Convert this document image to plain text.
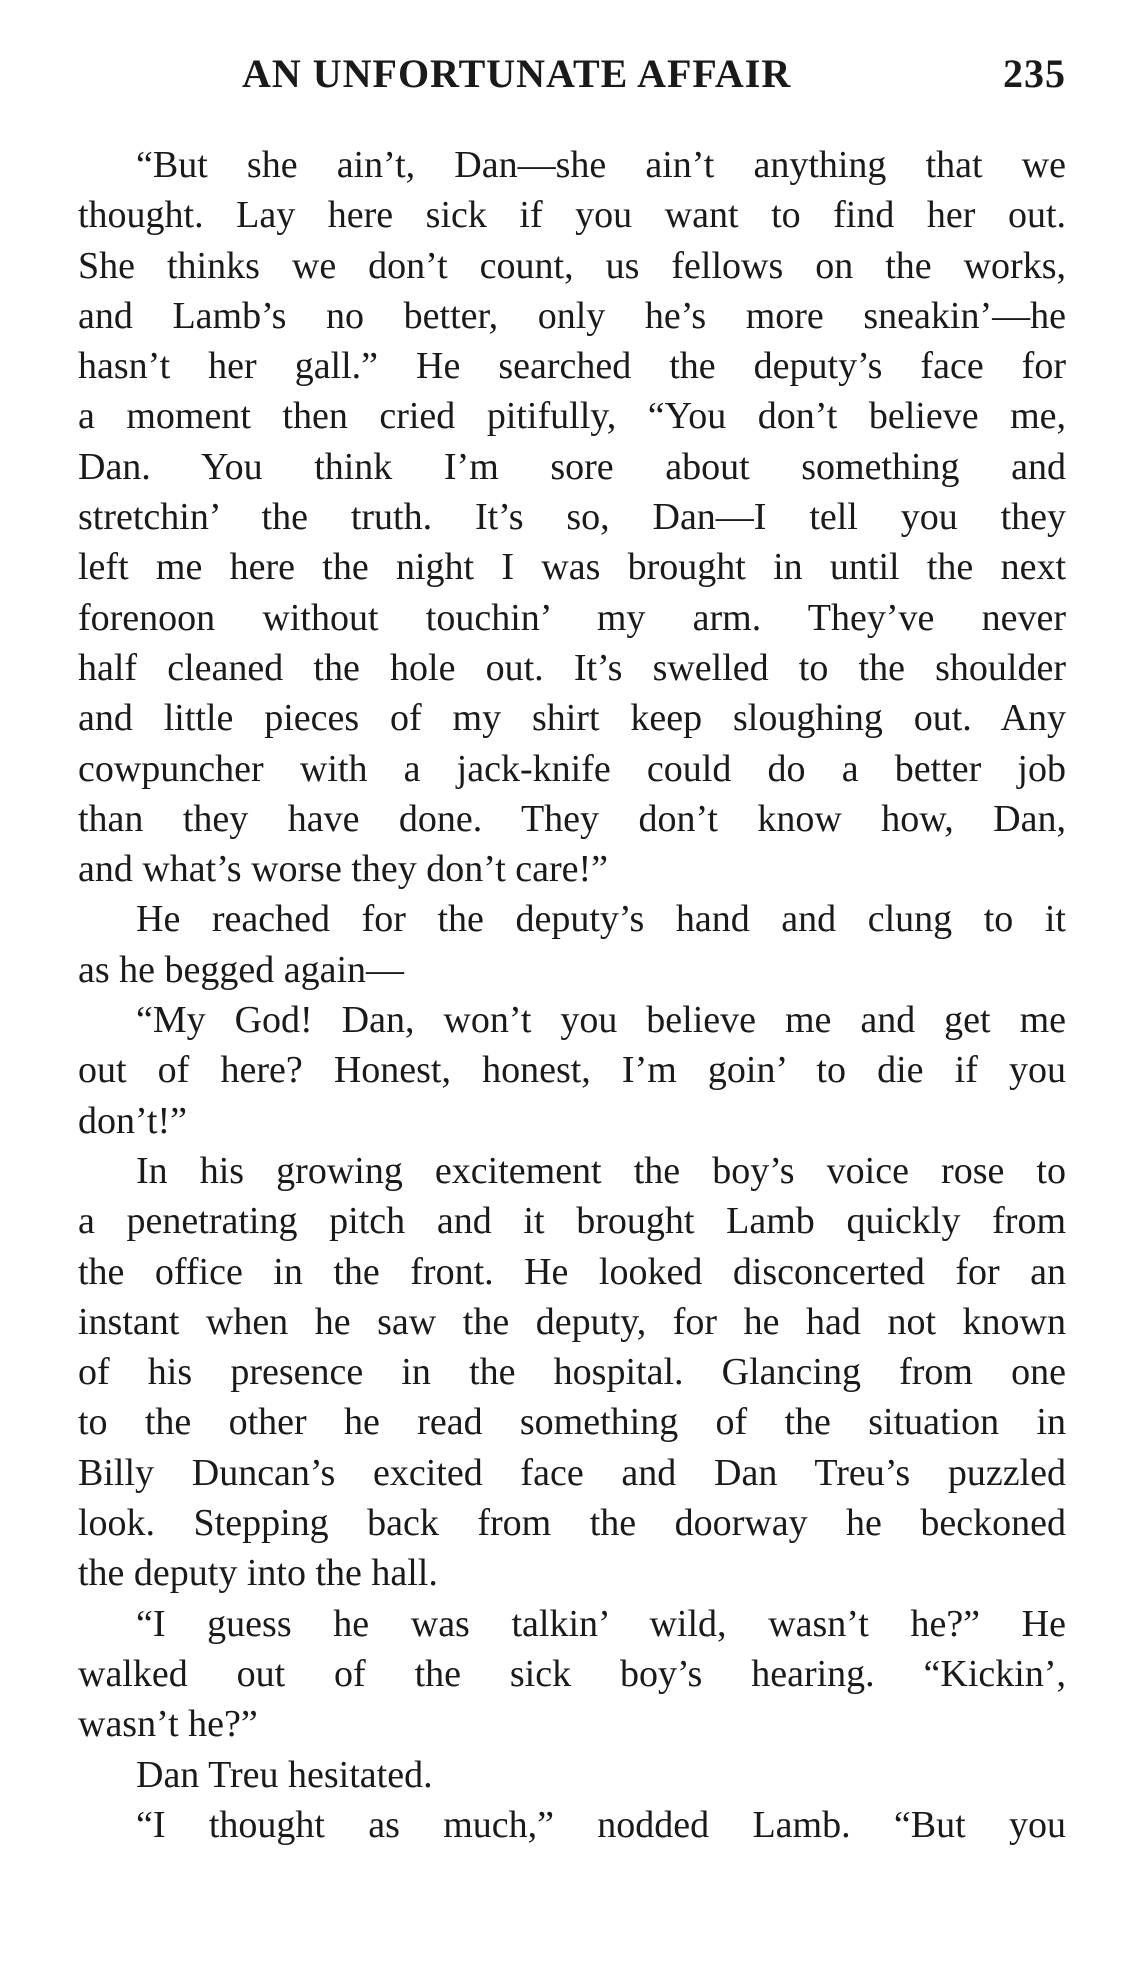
AN UNFORTUNATE AFFAIR	235
“But she ain’t, Dan—she ain’t anything that we
thought. Lay here sick if you want to find her out.
She thinks we don’t count, us fellows on the works,
and Lamb’s no better, only he’s more sneakin’—he
hasn’t her gall.” He searched the deputy’s face for
a moment then cried pitifully, “You don’t believe me,
Dan. You think I’m sore about something and
stretchin’ the truth. It’s so, Dan—I tell you they
left me here the night I was brought in until the next
forenoon without touchin’ my arm. They’ve never
half cleaned the hole out. It’s swelled to the shoulder
and little pieces of my shirt keep sloughing out. Any
cowpuncher with a jack-knife could do a better job
than they have done. They don’t know how, Dan,
and what’s worse they don’t care!”
He reached for the deputy’s hand and clung to it
as he begged again—
“My God! Dan, won’t you believe me and get me
out of here? Honest, honest, I’m goin’ to die if you
don’t!”
In his growing excitement the boy’s voice rose to
a penetrating pitch and it brought Lamb quickly from
the office in the front. He looked disconcerted for an
instant when he saw the deputy, for he had not known
of his presence in the hospital. Glancing from one
to the other he read something of the situation in
Billy Duncan’s excited face and Dan Treu’s puzzled
look. Stepping back from the doorway he beckoned
the deputy into the hall.
“I guess he was talkin’ wild, wasn’t he?” He
walked out of the sick boy’s hearing. “Kickin’,
wasn’t he?”
Dan Treu hesitated.
“I thought as much,” nodded Lamb. “But you
